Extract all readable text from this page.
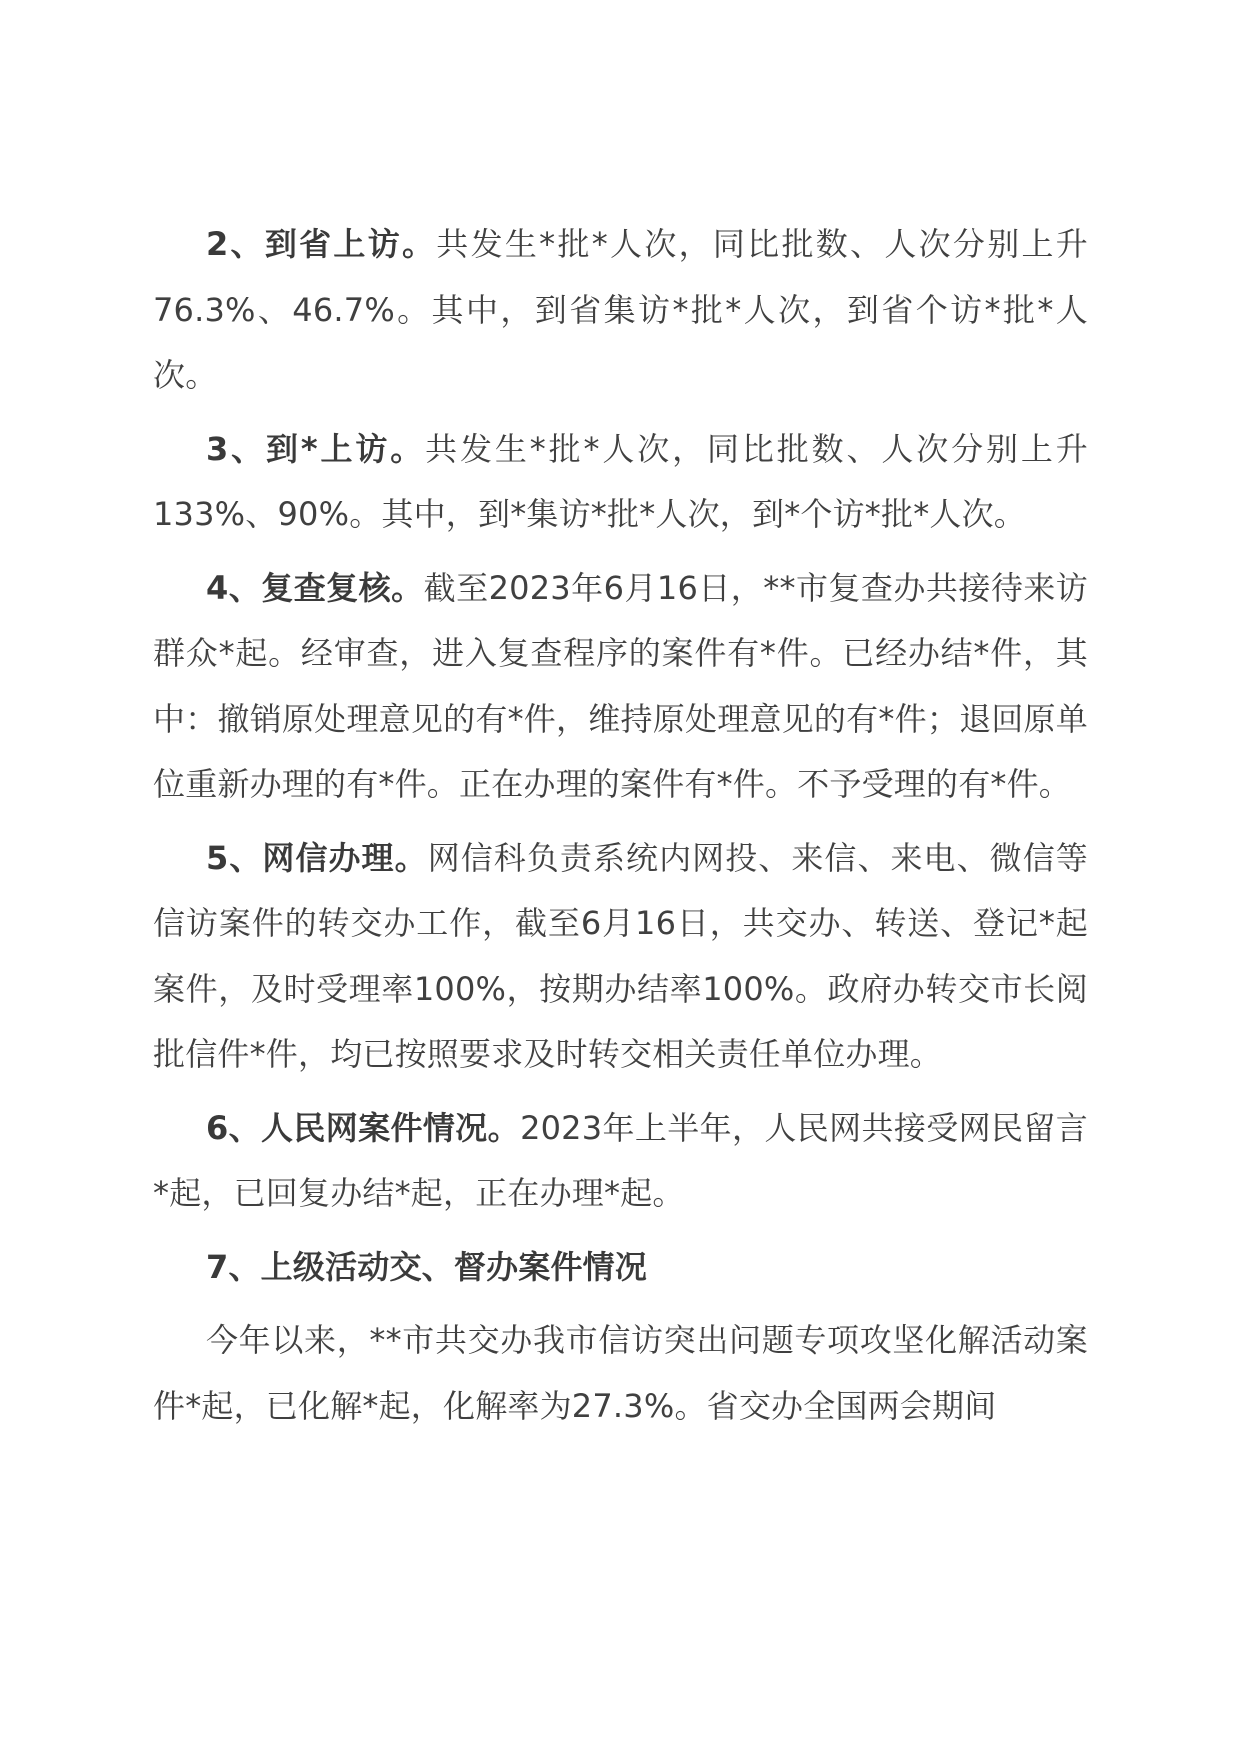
2、到省上访。共发生*批*人次，同比批数、人次分别上升76.3%、46.7%。其中，到省集访*批*人次，到省个访*批*人次。

3、到*上访。共发生*批*人次，同比批数、人次分别上升133%、90%。其中，到*集访*批*人次，到*个访*批*人次。

4、复查复核。截至2023年6月16日，**市复查办共接待来访群众*起。经审查，进入复查程序的案件有*件。已经办结*件，其中：撤销原处理意见的有*件，维持原处理意见的有*件；退回原单位重新办理的有*件。正在办理的案件有*件。不予受理的有*件。

5、网信办理。网信科负责系统内网投、来信、来电、微信等信访案件的转交办工作，截至6月16日，共交办、转送、登记*起案件，及时受理率100%，按期办结率100%。政府办转交市长阅批信件*件，均已按照要求及时转交相关责任单位办理。

6、人民网案件情况。2023年上半年，人民网共接受网民留言*起，已回复办结*起，正在办理*起。

7、上级活动交、督办案件情况

今年以来，**市共交办我市信访突出问题专项攻坚化解活动案件*起，已化解*起，化解率为27.3%。省交办全国两会期间
